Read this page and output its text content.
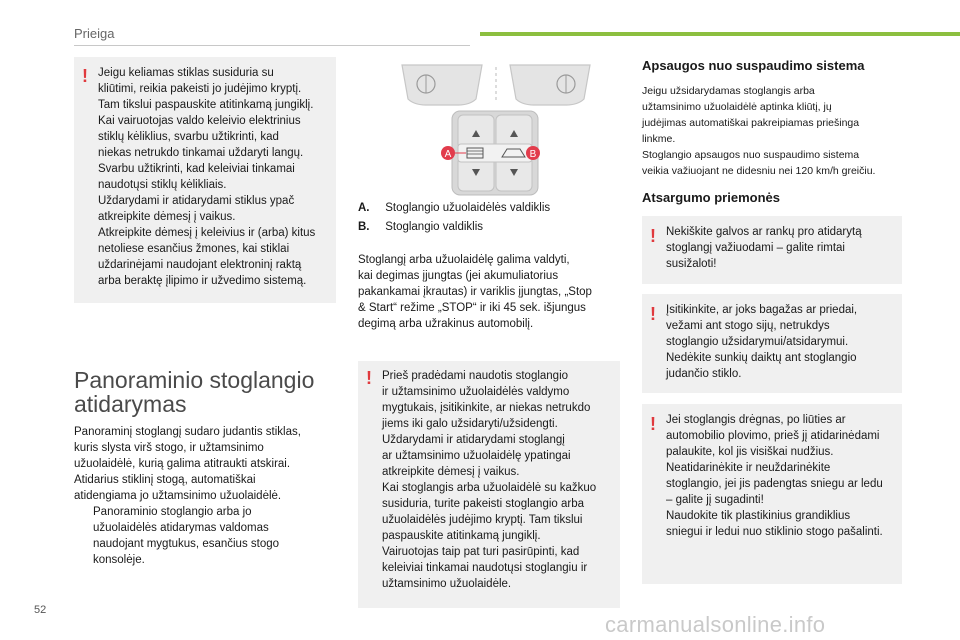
Prieiga
! Jeigu keliamas stiklas susiduria su
kliūtimi, reikia pakeisti jo judėjimo kryptį.
Tam tikslui paspauskite atitinkamą jungiklį.
Kai vairuotojas valdo keleivio elektrinius
stiklų kėliklius, svarbu užtikrinti, kad
niekas netrukdo tinkamai uždaryti langų.
Svarbu užtikrinti, kad keleiviai tinkamai
naudotųsi stiklų kėlikliais.
Uždarydami ir atidarydami stiklus ypač
atkreipkite dėmesį į vaikus.
Atkreipkite dėmesį į keleivius ir (arba) kitus
netoliese esančius žmones, kai stiklai
uždarinėjami naudojant elektroninį raktą
arba beraktę įlipimo ir užvedimo sistemą.
Panoraminio stoglangio
atidarymas
Panoraminį stoglangį sudaro judantis stiklas,
kuris slysta virš stogo, ir užtamsinimo
užuolaidėlė, kurią galima atitraukti atskirai.
Atidarius stiklinį stogą, automatiškai
atidengiama jo užtamsinimo užuolaidėlė.
Panoraminio stoglangio arba jo
užuolaidėlės atidarymas valdomas
naudojant mygtukus, esančius stogo
konsolėje.
A	B
A. Stoglangio užuolaidėlės valdiklis
B. Stoglangio valdiklis
Stoglangį arba užuolaidėlę galima valdyti,
kai degimas įjungtas (jei akumuliatorius
pakankamai įkrautas) ir variklis įjungtas, „Stop
& Start“ režime „STOP“ ir iki 45 sek. išjungus
degimą arba užrakinus automobilį.
! Prieš pradėdami naudotis stoglangio
ir užtamsinimo užuolaidėlės valdymo
mygtukais, įsitikinkite, ar niekas netrukdo
jiems iki galo užsidaryti/užsidengti.
Uždarydami ir atidarydami stoglangį
ar užtamsinimo užuolaidėlę ypatingai
atkreipkite dėmesį į vaikus.
Kai stoglangis arba užuolaidėlė su kažkuo
susiduria, turite pakeisti stoglangio arba
užuolaidėlės judėjimo kryptį. Tam tikslui
paspauskite atitinkamą jungiklį.
Vairuotojas taip pat turi pasirūpinti, kad
keleiviai tinkamai naudotųsi stoglangiu ir
užtamsinimo užuolaidėle.
Apsaugos nuo suspaudimo sistema
Jeigu užsidarydamas stoglangis arba
užtamsinimo užuolaidėlė aptinka kliūtį, jų
judėjimas automatiškai pakreipiamas priešinga
linkme.
Stoglangio apsaugos nuo suspaudimo sistema
veikia važiuojant ne didesniu nei 120 km/h greičiu.
Atsargumo priemonės
! Nekiškite galvos ar rankų pro atidarytą
stoglangį važiuodami – galite rimtai
susižaloti!
! Įsitikinkite, ar joks bagažas ar priedai,
vežami ant stogo sijų, netrukdys
stoglangio užsidarymui/atsidarymui.
Nedėkite sunkių daiktų ant stoglangio
judančio stiklo.
! Jei stoglangis drėgnas, po liūties ar
automobilio plovimo, prieš jį atidarinėdami
palaukite, kol jis visiškai nudžius.
Neatidarinėkite ir neuždarinėkite
stoglangio, jei jis padengtas sniegu ar ledu
– galite jį sugadinti!
Naudokite tik plastikinius grandiklius
sniegui ir ledui nuo stiklinio stogo pašalinti.
52
carmanualsonline.info
